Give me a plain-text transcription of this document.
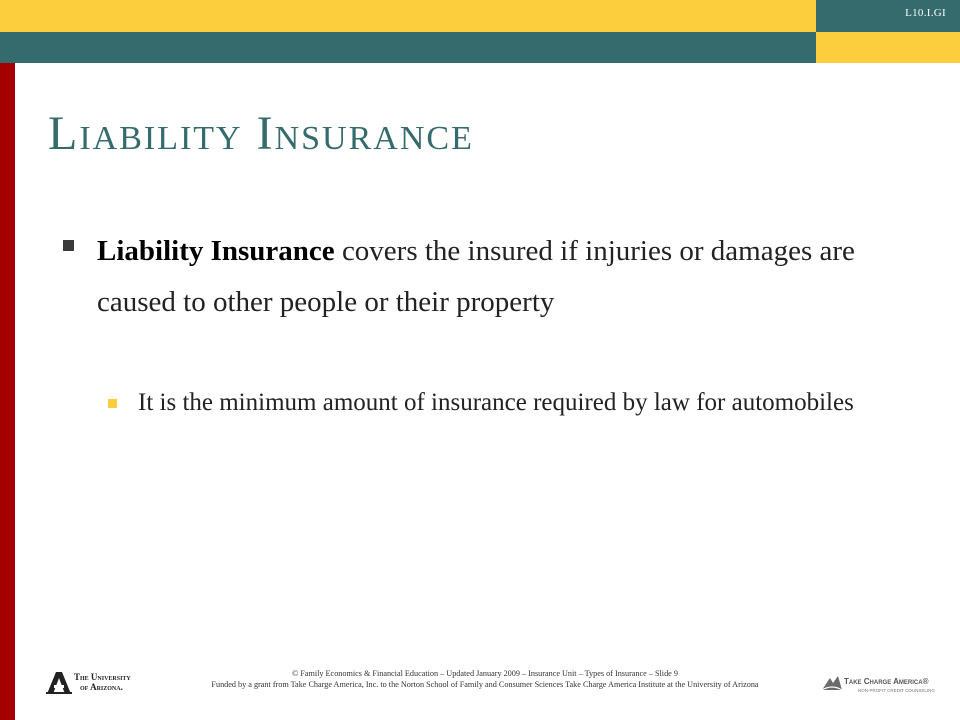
L10.I.GI
Liability Insurance

Liability Insurance covers the insured if injuries or damages are caused to other people or their property

It is the minimum amount of insurance required by law for automobiles

The University
of Arizona.
© Family Economics & Financial Education – Updated January 2009 – Insurance Unit – Types of Insurance – Slide 9
Funded by a grant from Take Charge America, Inc. to the Norton School of Family and Consumer Sciences Take Charge America Institute at the University of Arizona	Take Charge America®
NON-PROFIT CREDIT COUNSELING
